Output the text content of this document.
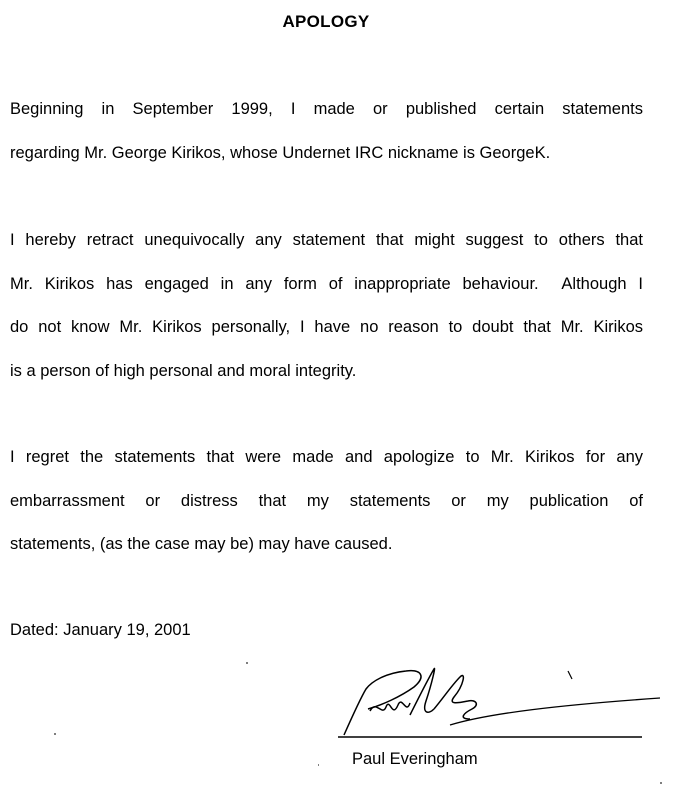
APOLOGY
Beginning in September 1999, I made or published certain statements
regarding Mr. George Kirikos, whose Undernet IRC nickname is GeorgeK.
I hereby retract unequivocally any statement that might suggest to others that
Mr. Kirikos has engaged in any form of inappropriate behaviour.  Although I
do not know Mr. Kirikos personally, I have no reason to doubt that Mr. Kirikos
is a person of high personal and moral integrity.
I regret the statements that were made and apologize to Mr. Kirikos for any
embarrassment or distress that my statements or my publication of
statements, (as the case may be) may have caused.
Dated: January 19, 2001
Paul Everingham
